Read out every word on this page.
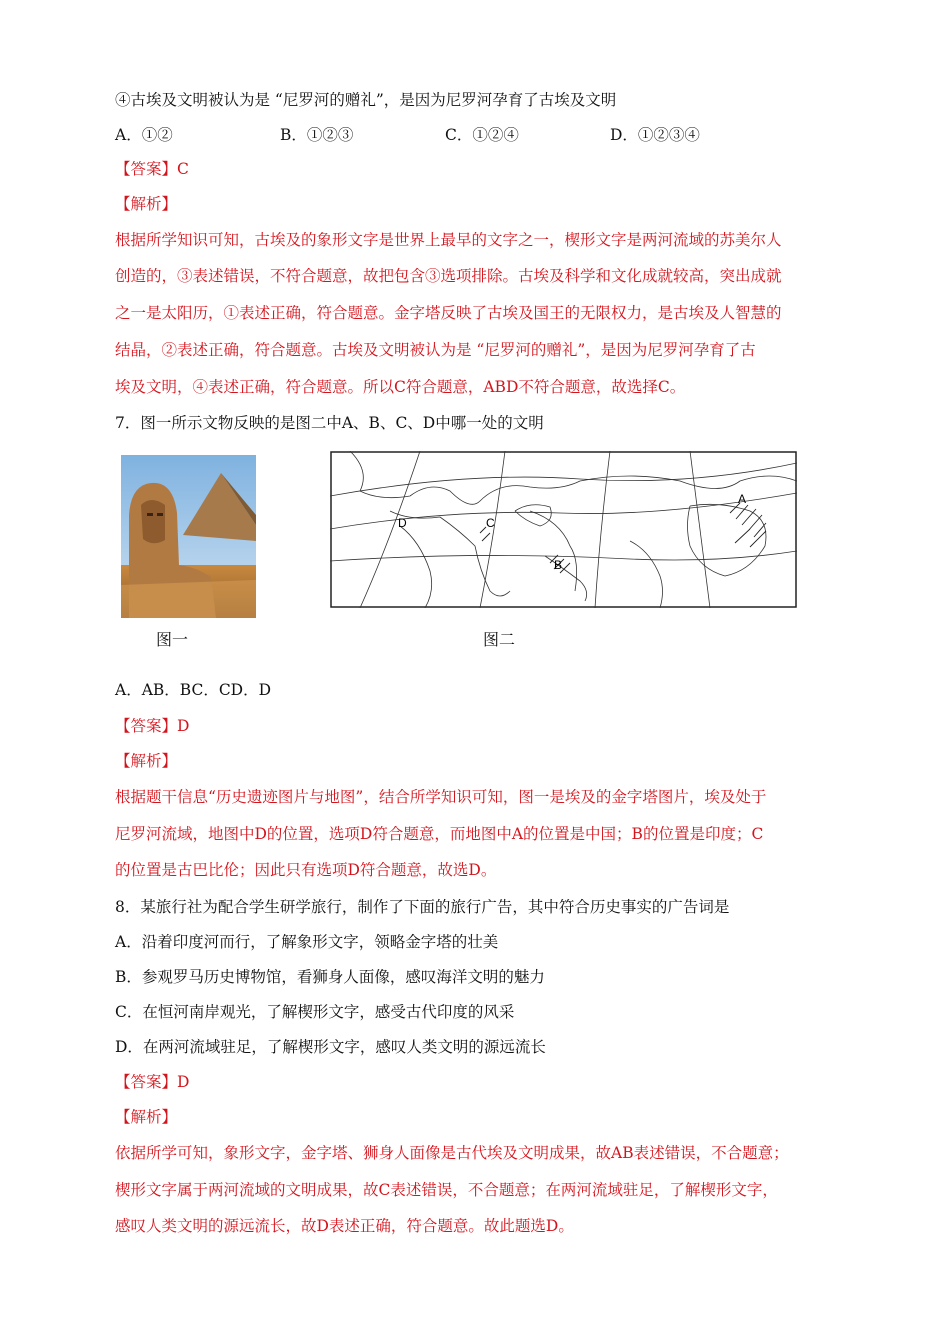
④古埃及文明被认为是 “尼罗河的赠礼”，是因为尼罗河孕育了古埃及文明
A．①②	B．①②③	C．①②④	D．①②③④
【答案】C
【解析】
根据所学知识可知，古埃及的象形文字是世界上最早的文字之一，楔形文字是两河流域的苏美尔人
创造的，③表述错误，不符合题意，故把包含③选项排除。古埃及科学和文化成就较高，突出成就
之一是太阳历，①表述正确，符合题意。金字塔反映了古埃及国王的无限权力，是古埃及人智慧的
结晶，②表述正确，符合题意。古埃及文明被认为是 “尼罗河的赠礼”，是因为尼罗河孕育了古
埃及文明，④表述正确，符合题意。所以C符合题意，ABD不符合题意，故选择C。
7．图一所示文物反映的是图二中A、B、C、D中哪一处的文明
图一
A
B
C
D
图二
A．AB．BC．CD．D
【答案】D
【解析】
根据题干信息“历史遗迹图片与地图”，结合所学知识可知，图一是埃及的金字塔图片，埃及处于
尼罗河流域，地图中D的位置，选项D符合题意，而地图中A的位置是中国；B的位置是印度；C
的位置是古巴比伦；因此只有选项D符合题意，故选D。
8．某旅行社为配合学生研学旅行，制作了下面的旅行广告，其中符合历史事实的广告词是
A．沿着印度河而行，了解象形文字，领略金字塔的壮美
B．参观罗马历史博物馆，看狮身人面像，感叹海洋文明的魅力
C．在恒河南岸观光，了解楔形文字，感受古代印度的风采
D．在两河流域驻足，了解楔形文字，感叹人类文明的源远流长
【答案】D
【解析】
依据所学可知，象形文字，金字塔、狮身人面像是古代埃及文明成果，故AB表述错误，不合题意；
楔形文字属于两河流域的文明成果，故C表述错误，不合题意；在两河流域驻足，了解楔形文字，
感叹人类文明的源远流长，故D表述正确，符合题意。故此题选D。
